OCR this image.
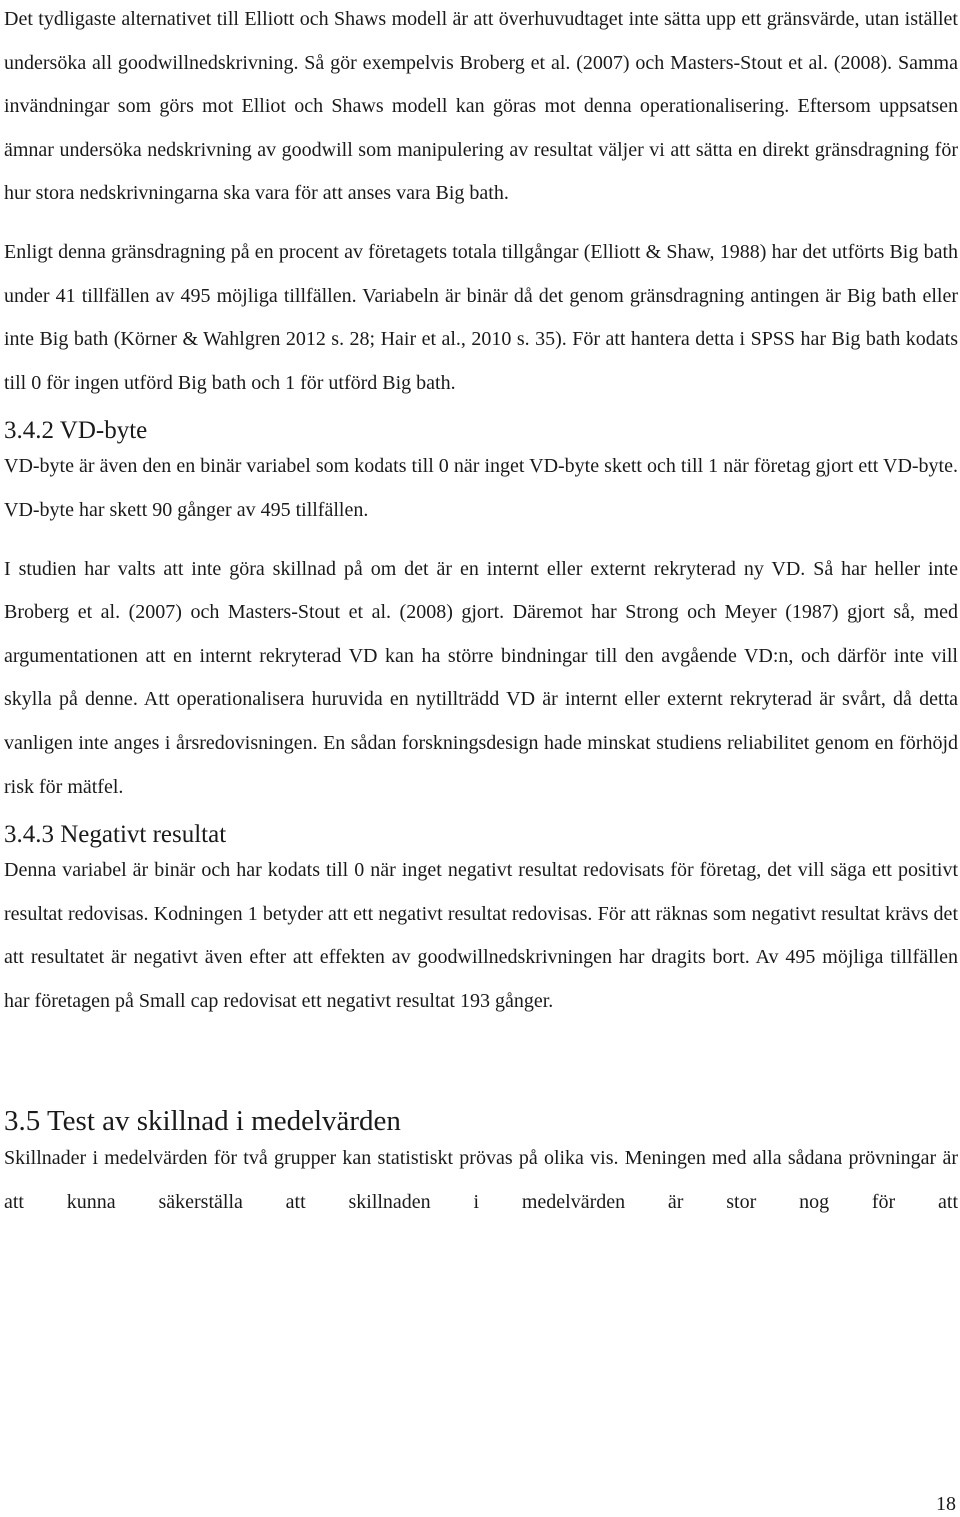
Det tydligaste alternativet till Elliott och Shaws modell är att överhuvudtaget inte sätta upp ett gränsvärde, utan istället undersöka all goodwillnedskrivning. Så gör exempelvis Broberg et al. (2007) och Masters-Stout et al. (2008). Samma invändningar som görs mot Elliot och Shaws modell kan göras mot denna operationalisering. Eftersom uppsatsen ämnar undersöka nedskrivning av goodwill som manipulering av resultat väljer vi att sätta en direkt gränsdragning för hur stora nedskrivningarna ska vara för att anses vara Big bath.

Enligt denna gränsdragning på en procent av företagets totala tillgångar (Elliott & Shaw, 1988) har det utförts Big bath under 41 tillfällen av 495 möjliga tillfällen. Variabeln är binär då det genom gränsdragning antingen är Big bath eller inte Big bath (Körner & Wahlgren 2012 s. 28; Hair et al., 2010 s. 35). För att hantera detta i SPSS har Big bath kodats till 0 för ingen utförd Big bath och 1 för utförd Big bath.

3.4.2 VD-byte

VD-byte är även den en binär variabel som kodats till 0 när inget VD-byte skett och till 1 när företag gjort ett VD-byte. VD-byte har skett 90 gånger av 495 tillfällen.

I studien har valts att inte göra skillnad på om det är en internt eller externt rekryterad ny VD. Så har heller inte Broberg et al. (2007) och Masters-Stout et al. (2008) gjort. Däremot har Strong och Meyer (1987) gjort så, med argumentationen att en internt rekryterad VD kan ha större bindningar till den avgående VD:n, och därför inte vill skylla på denne. Att operationalisera huruvida en nytillträdd VD är internt eller externt rekryterad är svårt, då detta vanligen inte anges i årsredovisningen. En sådan forskningsdesign hade minskat studiens reliabilitet genom en förhöjd risk för mätfel.

3.4.3 Negativt resultat

Denna variabel är binär och har kodats till 0 när inget negativt resultat redovisats för företag, det vill säga ett positivt resultat redovisas. Kodningen 1 betyder att ett negativt resultat redovisas. För att räknas som negativt resultat krävs det att resultatet är negativt även efter att effekten av goodwillnedskrivningen har dragits bort. Av 495 möjliga tillfällen har företagen på Small cap redovisat ett negativt resultat 193 gånger.

3.5 Test av skillnad i medelvärden

Skillnader i medelvärden för två grupper kan statistiskt prövas på olika vis. Meningen med alla sådana prövningar är att kunna säkerställa att skillnaden i medelvärden är stor nog för att

18
